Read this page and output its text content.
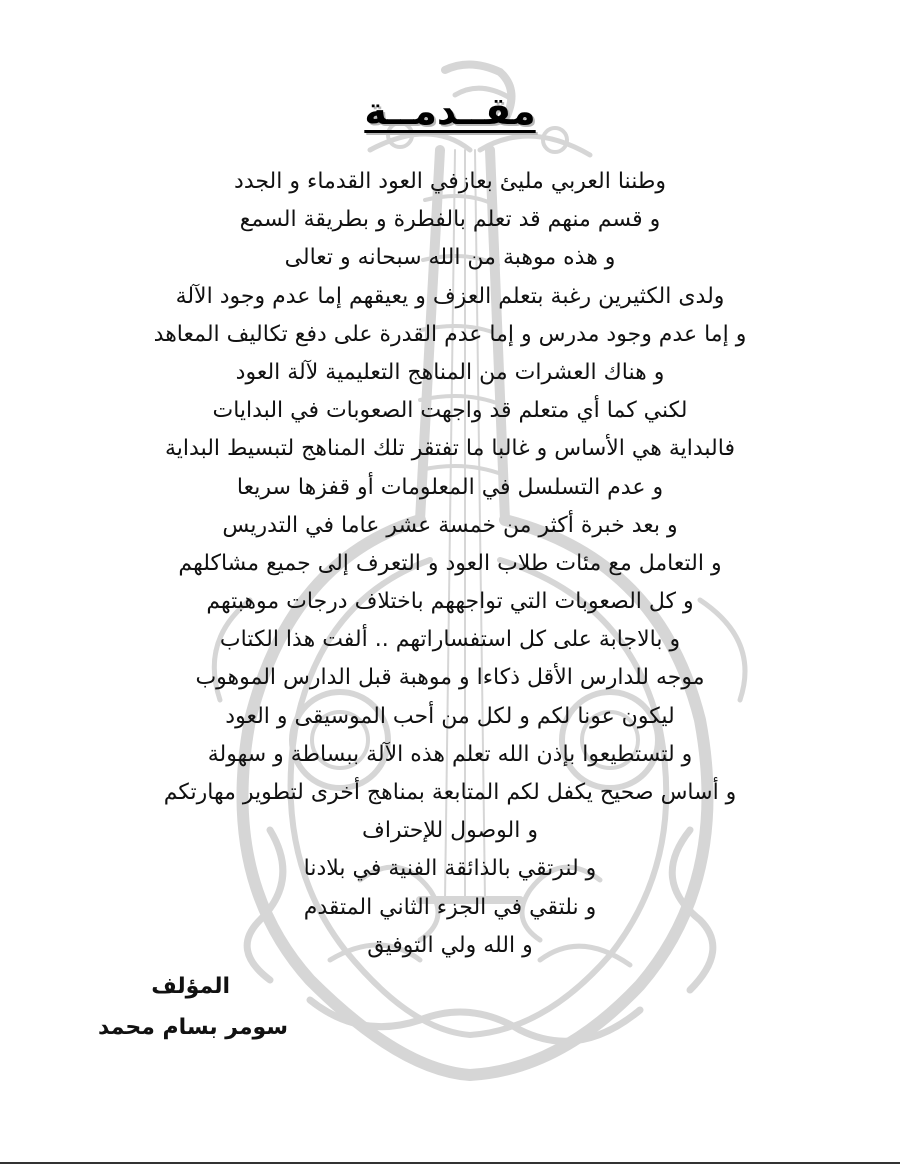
مقــدمــة
وطننا العربي مليئ بعازفي العود القدماء و الجدد
و قسم منهم قد تعلم بالفطرة و بطريقة السمع
و هذه موهبة من الله سبحانه و تعالى
ولدى الكثيرين رغبة بتعلم العزف و يعيقهم إما عدم وجود الآلة
و إما عدم وجود مدرس و إما عدم القدرة على دفع تكاليف المعاهد
و هناك العشرات من المناهج التعليمية لآلة العود
لكني كما أي متعلم قد واجهت الصعوبات في البدايات
فالبداية هي الأساس و غالبا ما تفتقر تلك المناهج لتبسيط البداية
و عدم التسلسل في المعلومات أو قفزها سريعا
و بعد خبرة أكثر من خمسة عشر عاما في التدريس
و التعامل مع مئات طلاب العود و التعرف إلى جميع مشاكلهم
و كل الصعوبات التي تواجههم باختلاف درجات موهبتهم
و بالاجابة على كل استفساراتهم .. ألفت هذا الكتاب
موجه للدارس الأقل ذكاءا و موهبة قبل الدارس الموهوب
ليكون عونا لكم و لكل من أحب الموسيقى و العود
و لتستطيعوا بإذن الله تعلم هذه الآلة ببساطة و سهولة
و أساس صحيح يكفل لكم المتابعة بمناهج أخرى لتطوير مهارتكم
و الوصول للإحتراف
و لنرتقي بالذائقة الفنية في بلادنا
و نلتقي في الجزء الثاني المتقدم
و الله ولي التوفيق
المؤلف
سومر بسام محمد
